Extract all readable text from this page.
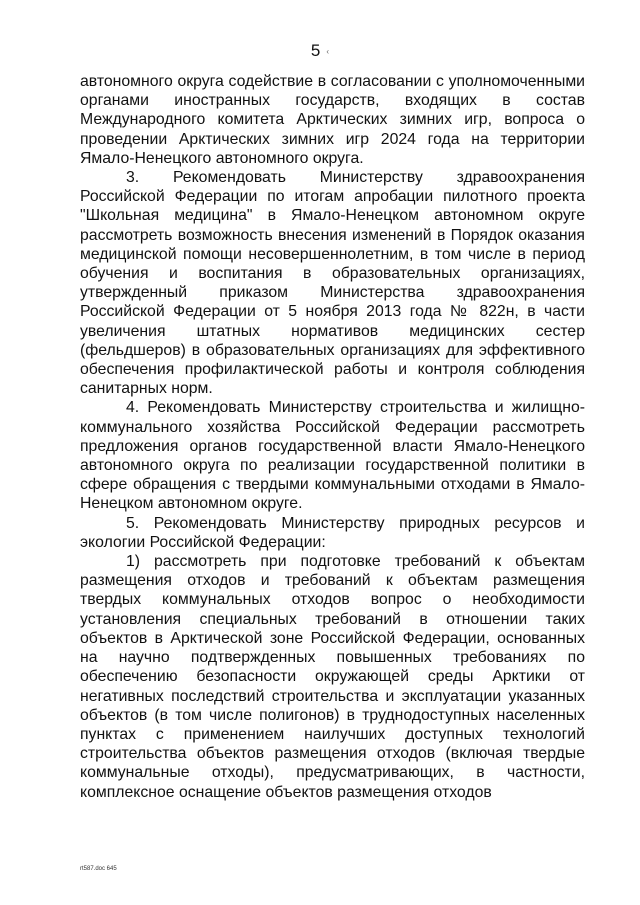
5 ‹

автономного округа содействие в согласовании с уполномоченными органами иностранных государств, входящих в состав Международного комитета Арктических зимних игр, вопроса о проведении Арктических зимних игр 2024 года на территории Ямало-Ненецкого автономного округа.

3. Рекомендовать Министерству здравоохранения Российской Федерации по итогам апробации пилотного проекта "Школьная медицина" в Ямало-Ненецком автономном округе рассмотреть возможность внесения изменений в Порядок оказания медицинской помощи несовершеннолетним, в том числе в период обучения и воспитания в образовательных организациях, утвержденный приказом Министерства здравоохранения Российской Федерации от 5 ноября 2013 года № 822н, в части увеличения штатных нормативов медицинских сестер (фельдшеров) в образовательных организациях для эффективного обеспечения профилактической работы и контроля соблюдения санитарных норм.

4. Рекомендовать Министерству строительства и жилищно-коммунального хозяйства Российской Федерации рассмотреть предложения органов государственной власти Ямало-Ненецкого автономного округа по реализации государственной политики в сфере обращения с твердыми коммунальными отходами в Ямало-Ненецком автономном округе.

5. Рекомендовать Министерству природных ресурсов и экологии Российской Федерации:

1) рассмотреть при подготовке требований к объектам размещения отходов и требований к объектам размещения твердых коммунальных отходов вопрос о необходимости установления специальных требований в отношении таких объектов в Арктической зоне Российской Федерации, основанных на научно подтвержденных повышенных требованиях по обеспечению безопасности окружающей среды Арктики от негативных последствий строительства и эксплуатации указанных объектов (в том числе полигонов) в труднодоступных населенных пунктах с применением наилучших доступных технологий строительства объектов размещения отходов (включая твердые коммунальные отходы), предусматривающих, в частности, комплексное оснащение объектов размещения отходов

rt587.doc 645
